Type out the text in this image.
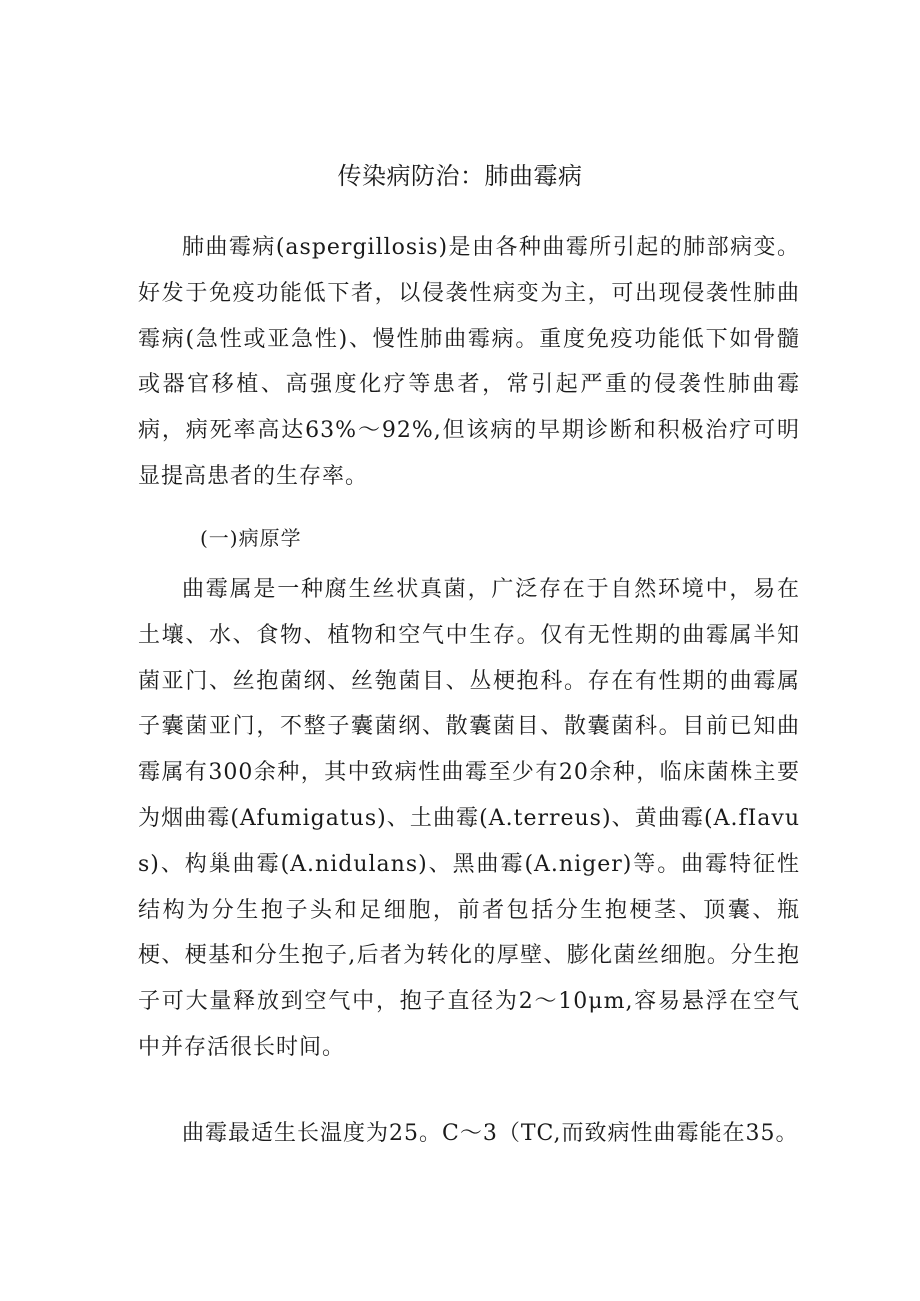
传染病防治：肺曲霉病

肺曲霉病(aspergillosis)是由各种曲霉所引起的肺部病变。好发于免疫功能低下者，以侵袭性病变为主，可出现侵袭性肺曲霉病(急性或亚急性)、慢性肺曲霉病。重度免疫功能低下如骨髓或器官移植、高强度化疗等患者，常引起严重的侵袭性肺曲霉病，病死率高达63%～92%,但该病的早期诊断和积极治疗可明显提高患者的生存率。

(一)病原学

曲霉属是一种腐生丝状真菌，广泛存在于自然环境中，易在土壤、水、食物、植物和空气中生存。仅有无性期的曲霉属半知菌亚门、丝抱菌纲、丝匏菌目、丛梗抱科。存在有性期的曲霉属子囊菌亚门，不整子囊菌纲、散囊菌目、散囊菌科。目前已知曲霉属有300余种，其中致病性曲霉至少有20余种，临床菌株主要为烟曲霉(Afumigatus)、土曲霉(A.terreus)、黄曲霉(A.fIavus)、构巢曲霉(A.nidulans)、黑曲霉(A.niger)等。曲霉特征性结构为分生抱子头和足细胞，前者包括分生抱梗茎、顶囊、瓶梗、梗基和分生抱子,后者为转化的厚壁、膨化菌丝细胞。分生抱子可大量释放到空气中，抱子直径为2～10μm,容易悬浮在空气中并存活很长时间。

曲霉最适生长温度为25。C～3（TC,而致病性曲霉能在35。
